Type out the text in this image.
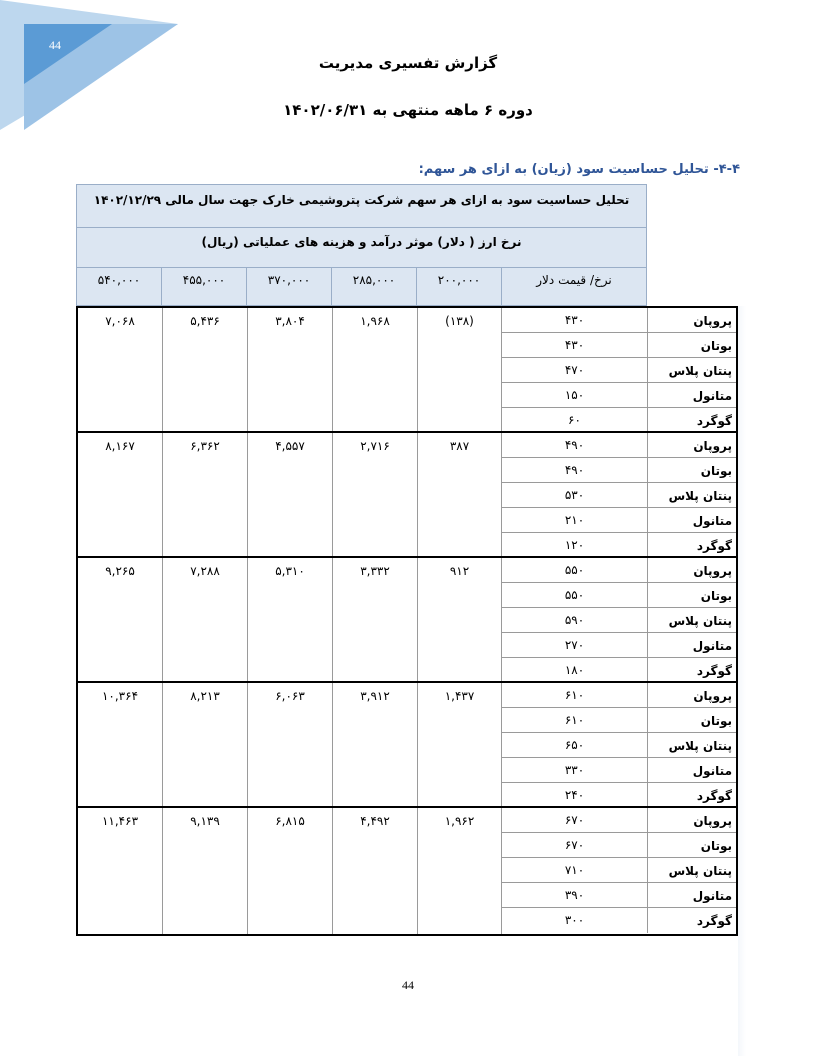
44
گزارش تفسیری مدیریت
دوره ۶ ماهه منتهی به ۱۴۰۲/۰۶/۳۱
۴-۴- تحلیل حساسیت سود (زیان) به ازای هر سهم:
تحلیل حساسیت سود به ازای هر سهم شرکت پتروشیمی خارک جهت سال مالی ۱۴۰۲/۱۲/۲۹
نرخ ارز ( دلار) موثر درآمد و هزینه های عملیاتی (ریال)
۵۴۰,۰۰۰	۴۵۵,۰۰۰	۳۷۰,۰۰۰	۲۸۵,۰۰۰	۲۰۰,۰۰۰	نرخ/ قیمت دلار
۷,۰۶۸	۵,۴۳۶	۳,۸۰۴	۱,۹۶۸	(۱۳۸)	۴۳۰	پروپان
۴۳۰	بوتان
۴۷۰	پنتان پلاس
۱۵۰	متانول
۶۰	گوگرد
۸,۱۶۷	۶,۳۶۲	۴,۵۵۷	۲,۷۱۶	۳۸۷	۴۹۰	پروپان
۴۹۰	بوتان
۵۳۰	پنتان پلاس
۲۱۰	متانول
۱۲۰	گوگرد
۹,۲۶۵	۷,۲۸۸	۵,۳۱۰	۳,۳۳۲	۹۱۲	۵۵۰	پروپان
۵۵۰	بوتان
۵۹۰	پنتان پلاس
۲۷۰	متانول
۱۸۰	گوگرد
۱۰,۳۶۴	۸,۲۱۳	۶,۰۶۳	۳,۹۱۲	۱,۴۳۷	۶۱۰	پروپان
۶۱۰	بوتان
۶۵۰	پنتان پلاس
۳۳۰	متانول
۲۴۰	گوگرد
۱۱,۴۶۳	۹,۱۳۹	۶,۸۱۵	۴,۴۹۲	۱,۹۶۲	۶۷۰	پروپان
۶۷۰	بوتان
۷۱۰	پنتان پلاس
۳۹۰	متانول
۳۰۰	گوگرد
44
